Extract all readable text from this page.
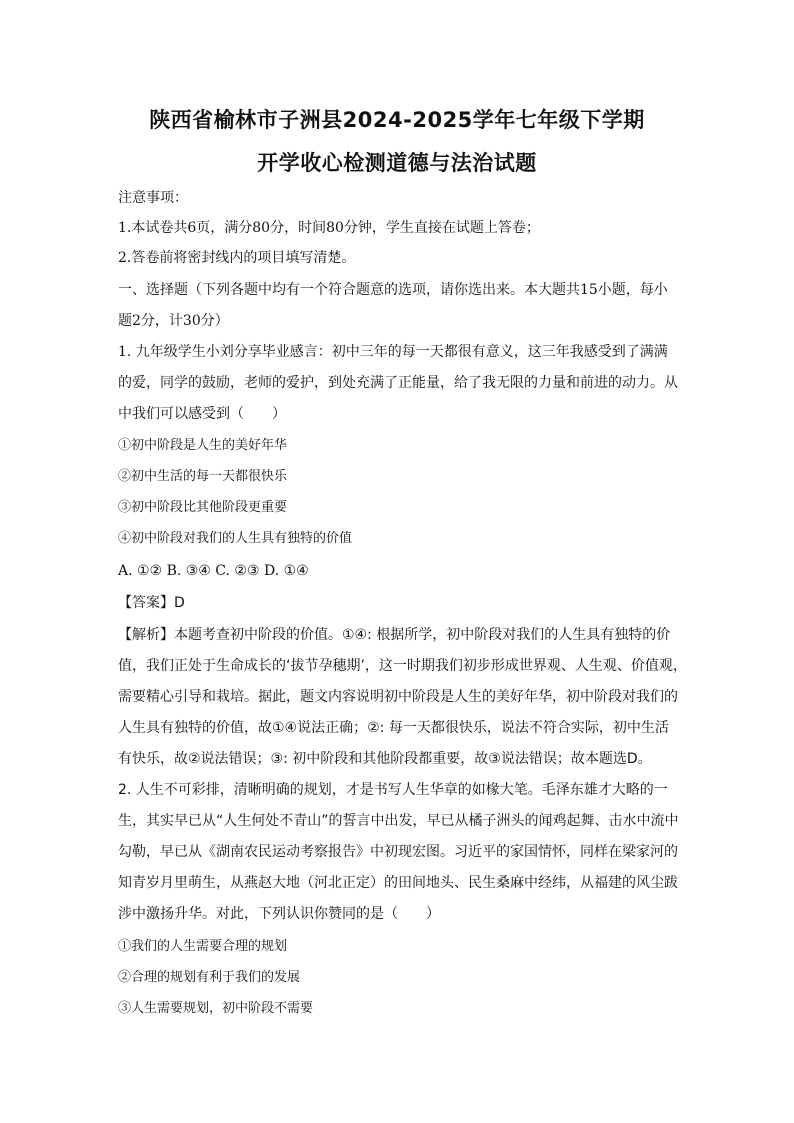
陕西省榆林市子洲县2024-2025学年七年级下学期
开学收心检测道德与法治试题
注意事项：
1.本试卷共6页，满分80分，时间80分钟，学生直接在试题上答卷；
2.答卷前将密封线内的项目填写清楚。
一、选择题（下列各题中均有一个符合题意的选项，请你选出来。本大题共15小题，每小
题2分，计30分）
1. 九年级学生小刘分享毕业感言：初中三年的每一天都很有意义，这三年我感受到了满满
的爱，同学的鼓励，老师的爱护，到处充满了正能量，给了我无限的力量和前进的动力。从
中我们可以感受到（　　）
①初中阶段是人生的美好年华
②初中生活的每一天都很快乐
③初中阶段比其他阶段更重要
④初中阶段对我们的人生具有独特的价值
A. ①② B. ③④ C. ②③ D. ①④
【答案】D
【解析】本题考查初中阶段的价值。①④: 根据所学，初中阶段对我们的人生具有独特的价
值，我们正处于生命成长的‘拔节孕穗期’，这一时期我们初步形成世界观、人生观、价值观，
需要精心引导和栽培。据此，题文内容说明初中阶段是人生的美好年华，初中阶段对我们的
人生具有独特的价值，故①④说法正确；②: 每一天都很快乐，说法不符合实际，初中生活
有快乐，故②说法错误；③: 初中阶段和其他阶段都重要，故③说法错误；故本题选D。
2. 人生不可彩排，清晰明确的规划，才是书写人生华章的如椽大笔。毛泽东雄才大略的一
生，其实早已从“人生何处不青山”的誓言中出发，早已从橘子洲头的闻鸡起舞、击水中流中
勾勒，早已从《湖南农民运动考察报告》中初现宏图。习近平的家国情怀，同样在梁家河的
知青岁月里萌生，从燕赵大地（河北正定）的田间地头、民生桑麻中经纬，从福建的风尘跋
涉中激扬升华。对此，下列认识你赞同的是（　　）
①我们的人生需要合理的规划
②合理的规划有利于我们的发展
③人生需要规划，初中阶段不需要
